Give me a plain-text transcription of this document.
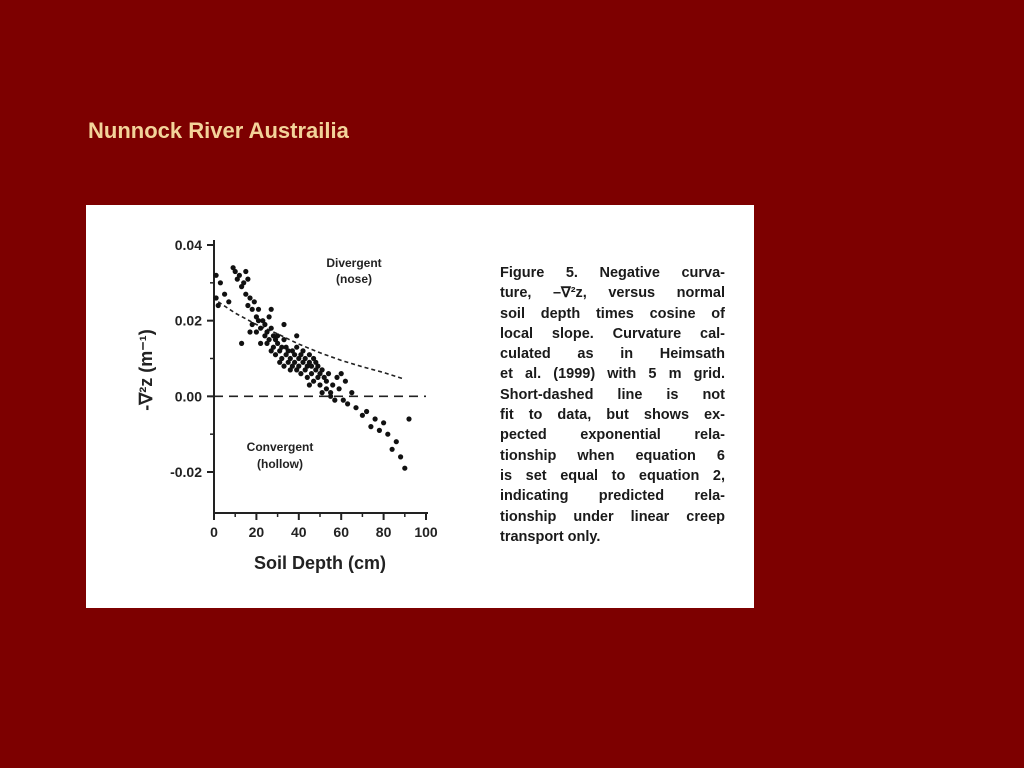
Nunnock River Austrailia
0.04
0.02
0.00
-0.02
0 20 40 60 80 100
Divergent
(nose)
Convergent
(hollow)
Soil Depth (cm)
-∇²z (m⁻¹)

Figure 5. Negative curva-
ture, –∇²z, versus normal
soil depth times cosine of
local slope. Curvature cal-
culated as in Heimsath
et al. (1999) with 5 m grid.
Short-dashed line is not
fit to data, but shows ex-
pected exponential rela-
tionship when equation 6
is set equal to equation 2,
indicating predicted rela-
tionship under linear creep
transport only.
